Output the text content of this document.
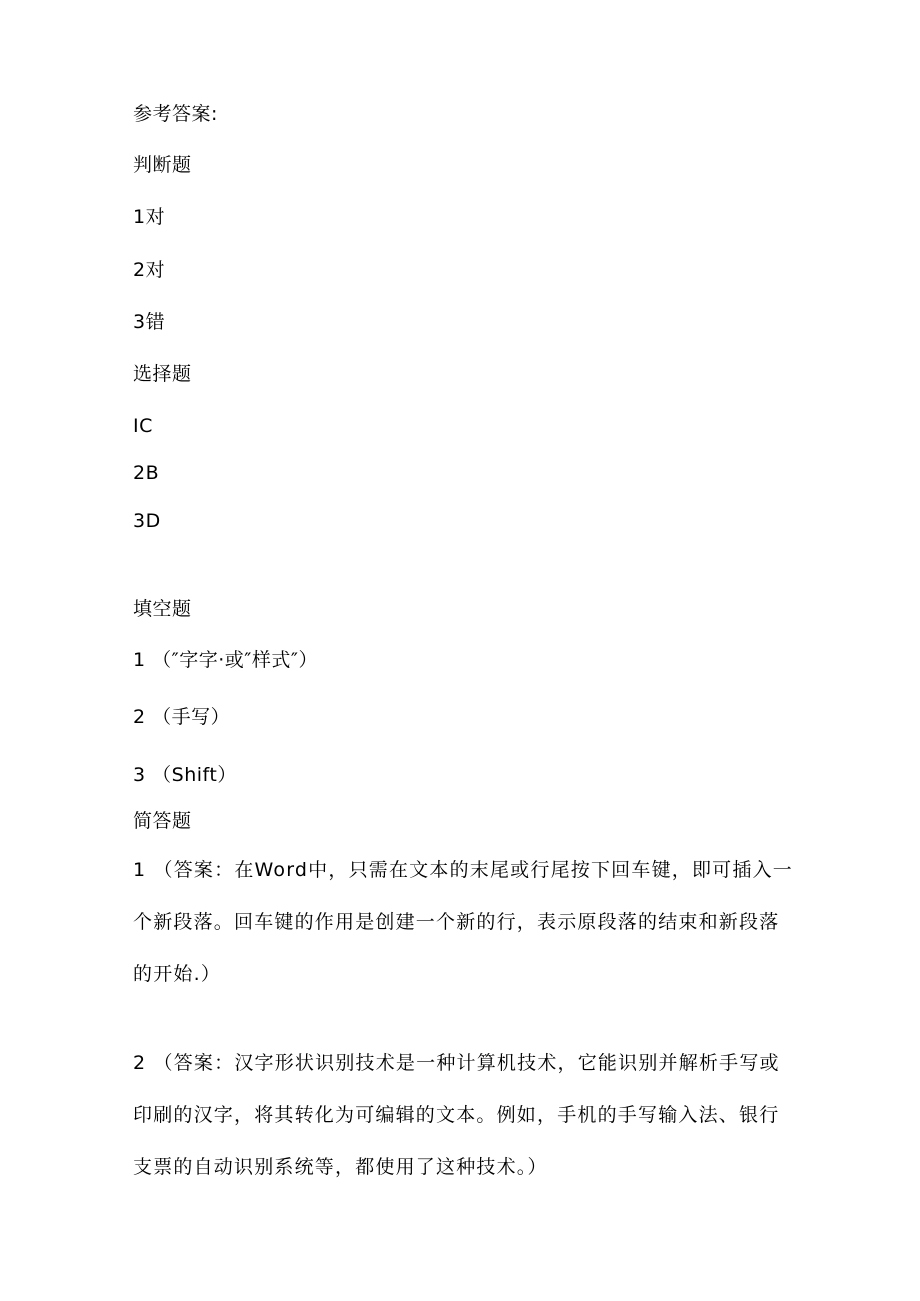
参考答案:
判断题
1对
2对
3错
选择题
IC
2B
3D
填空题
1 （″字字·或″样式″）
2 （手写）
3 （Shift）
简答题
1 （答案：在Word中，只需在文本的末尾或行尾按下回车键，即可插入一个新段落。回车键的作用是创建一个新的行，表示原段落的结束和新段落的开始.）
2 （答案：汉字形状识别技术是一种计算机技术，它能识别并解析手写或印刷的汉字，将其转化为可编辑的文本。例如，手机的手写输入法、银行支票的自动识别系统等，都使用了这种技术。）
